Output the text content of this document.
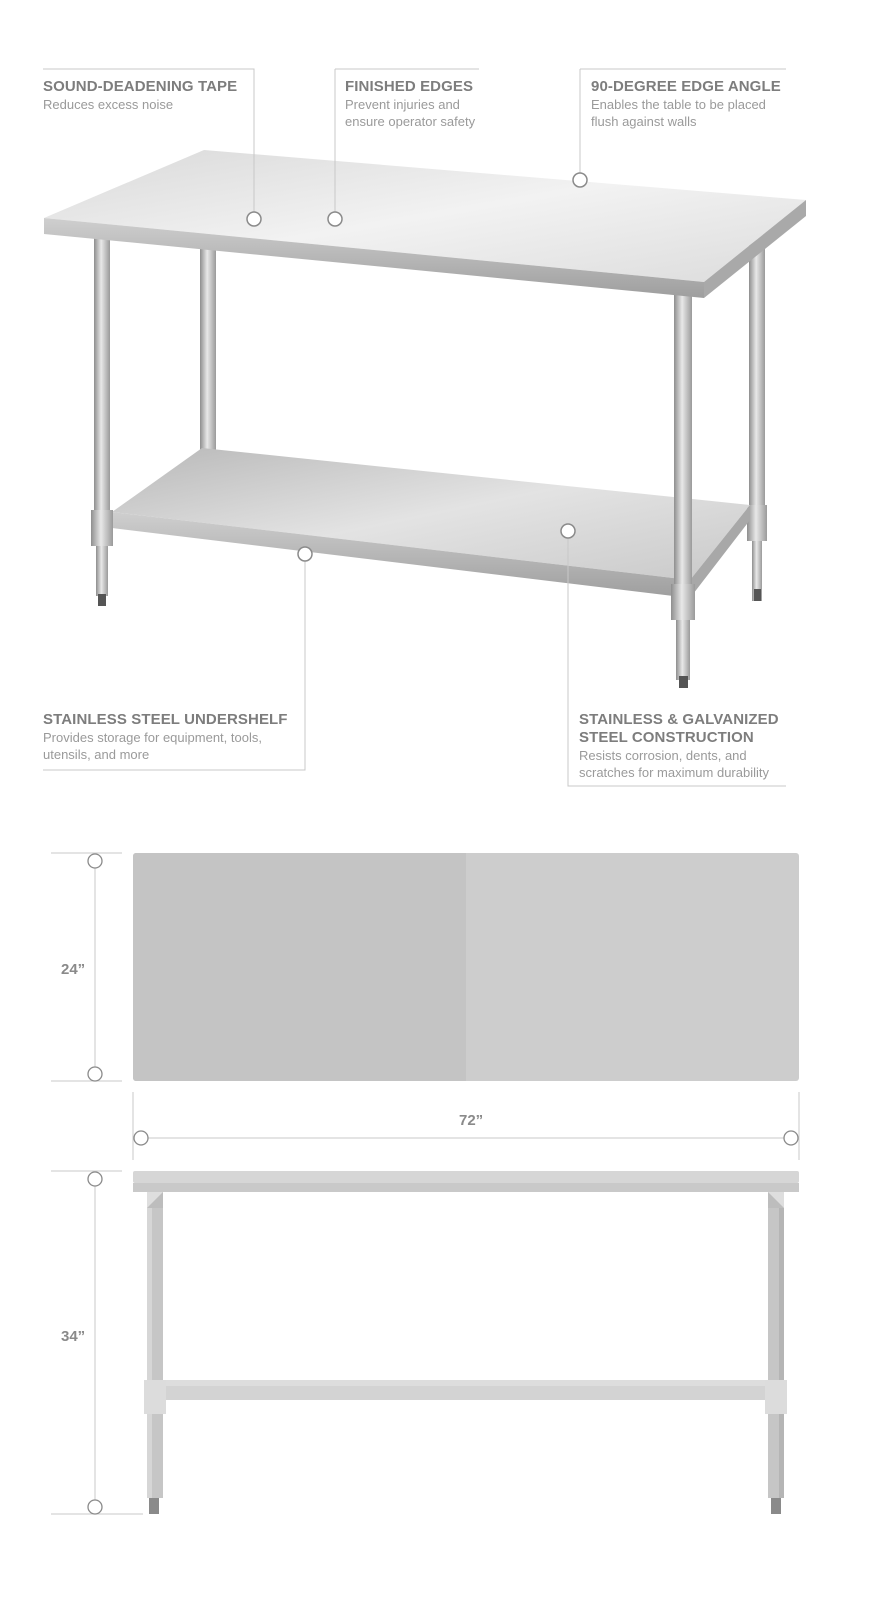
SOUND-DEADENING TAPE
Reduces excess noise
FINISHED EDGES
Prevent injuries and
ensure operator safety
90-DEGREE EDGE ANGLE
Enables the table to be placed
flush against walls
STAINLESS STEEL UNDERSHELF
Provides storage for equipment, tools,
utensils, and more
STAINLESS & GALVANIZED
STEEL CONSTRUCTION
Resists corrosion, dents, and
scratches for maximum durability
24”
72”
34”
